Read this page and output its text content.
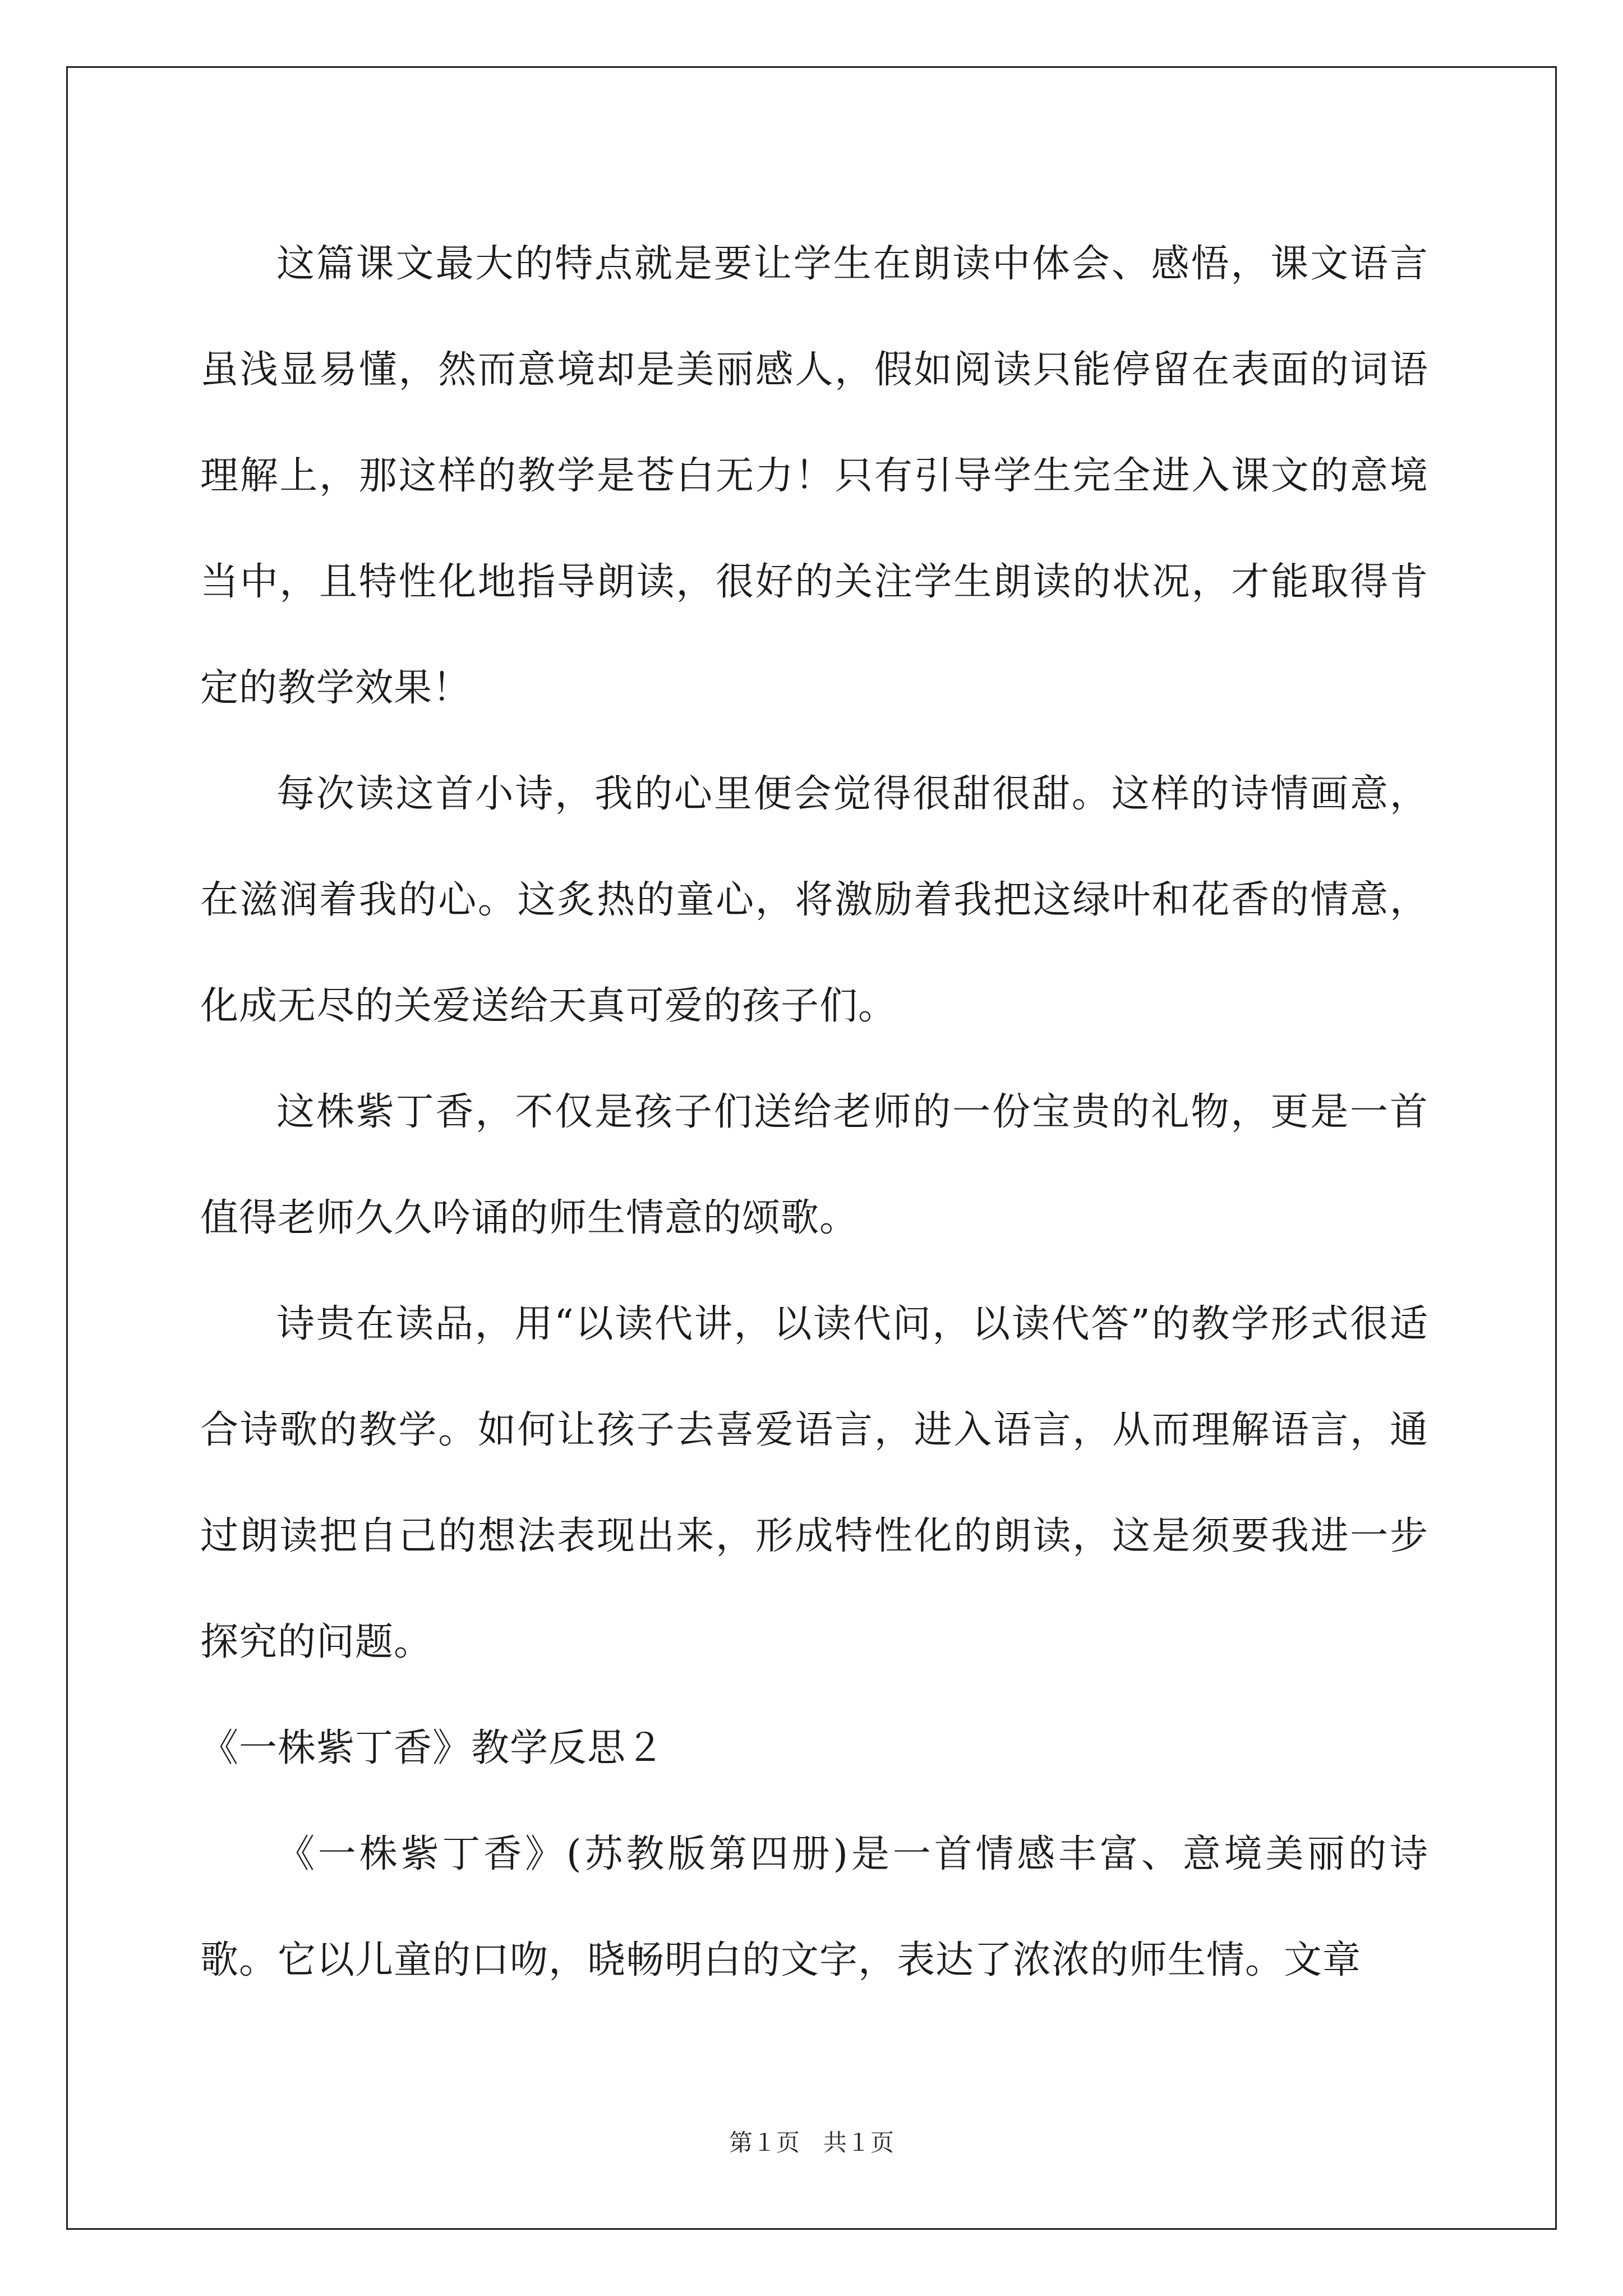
这篇课文最大的特点就是要让学生在朗读中体会、感悟，课文语言虽浅显易懂，然而意境却是美丽感人，假如阅读只能停留在表面的词语理解上，那这样的教学是苍白无力！只有引导学生完全进入课文的意境当中，且特性化地指导朗读，很好的关注学生朗读的状况，才能取得肯定的教学效果！

每次读这首小诗，我的心里便会觉得很甜很甜。这样的诗情画意，在滋润着我的心。这炙热的童心，将激励着我把这绿叶和花香的情意，化成无尽的关爱送给天真可爱的孩子们。

这株紫丁香，不仅是孩子们送给老师的一份宝贵的礼物，更是一首值得老师久久吟诵的师生情意的颂歌。

诗贵在读品，用“以读代讲，以读代问，以读代答”的教学形式很适合诗歌的教学。如何让孩子去喜爱语言，进入语言，从而理解语言，通过朗读把自己的想法表现出来，形成特性化的朗读，这是须要我进一步探究的问题。

《一株紫丁香》教学反思２

《一株紫丁香》(苏教版第四册)是一首情感丰富、意境美丽的诗歌。它以儿童的口吻，晓畅明白的文字，表达了浓浓的师生情。文章

第１页　共１页
